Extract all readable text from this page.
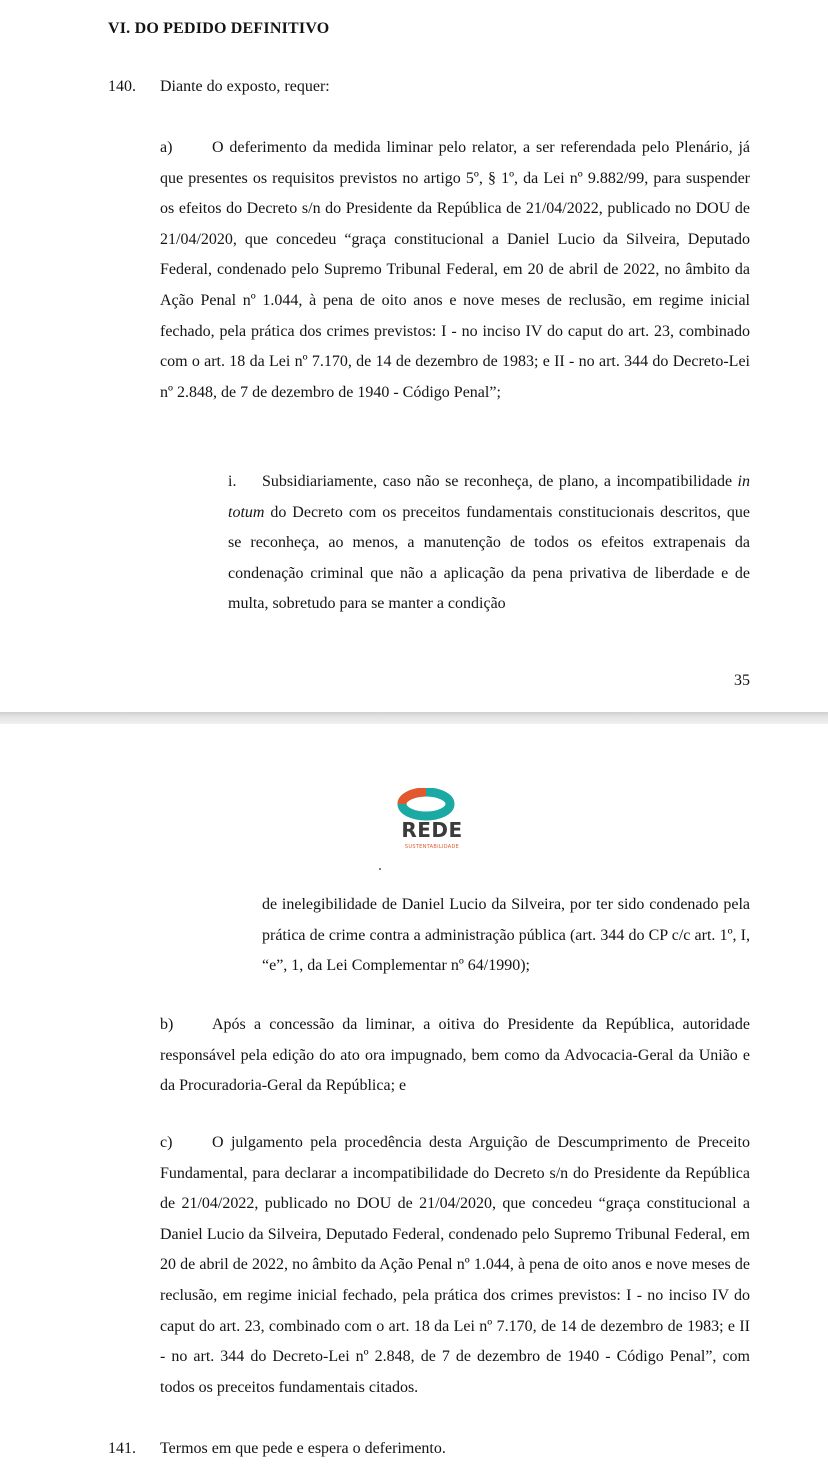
VI. DO PEDIDO DEFINITIVO

140. Diante do exposto, requer:

a) O deferimento da medida liminar pelo relator, a ser referendada pelo Plenário, já que presentes os requisitos previstos no artigo 5º, § 1º, da Lei nº 9.882/99, para suspender os efeitos do Decreto s/n do Presidente da República de 21/04/2022, publicado no DOU de 21/04/2020, que concedeu “graça constitucional a Daniel Lucio da Silveira, Deputado Federal, condenado pelo Supremo Tribunal Federal, em 20 de abril de 2022, no âmbito da Ação Penal nº 1.044, à pena de oito anos e nove meses de reclusão, em regime inicial fechado, pela prática dos crimes previstos: I - no inciso IV do caput do art. 23, combinado com o art. 18 da Lei nº 7.170, de 14 de dezembro de 1983; e II - no art. 344 do Decreto-Lei nº 2.848, de 7 de dezembro de 1940 - Código Penal”;

i. Subsidiariamente, caso não se reconheça, de plano, a incompatibilidade in totum do Decreto com os preceitos fundamentais constitucionais descritos, que se reconheça, ao menos, a manutenção de todos os efeitos extrapenais da condenação criminal que não a aplicação da pena privativa de liberdade e de multa, sobretudo para se manter a condição

35

REDE
SUSTENTABILIDADE

de inelegibilidade de Daniel Lucio da Silveira, por ter sido condenado pela prática de crime contra a administração pública (art. 344 do CP c/c art. 1º, I, “e”, 1, da Lei Complementar nº 64/1990);

b) Após a concessão da liminar, a oitiva do Presidente da República, autoridade responsável pela edição do ato ora impugnado, bem como da Advocacia-Geral da União e da Procuradoria-Geral da República; e

c) O julgamento pela procedência desta Arguição de Descumprimento de Preceito Fundamental, para declarar a incompatibilidade do Decreto s/n do Presidente da República de 21/04/2022, publicado no DOU de 21/04/2020, que concedeu “graça constitucional a Daniel Lucio da Silveira, Deputado Federal, condenado pelo Supremo Tribunal Federal, em 20 de abril de 2022, no âmbito da Ação Penal nº 1.044, à pena de oito anos e nove meses de reclusão, em regime inicial fechado, pela prática dos crimes previstos: I - no inciso IV do caput do art. 23, combinado com o art. 18 da Lei nº 7.170, de 14 de dezembro de 1983; e II - no art. 344 do Decreto-Lei nº 2.848, de 7 de dezembro de 1940 - Código Penal”, com todos os preceitos fundamentais citados.

141. Termos em que pede e espera o deferimento.
